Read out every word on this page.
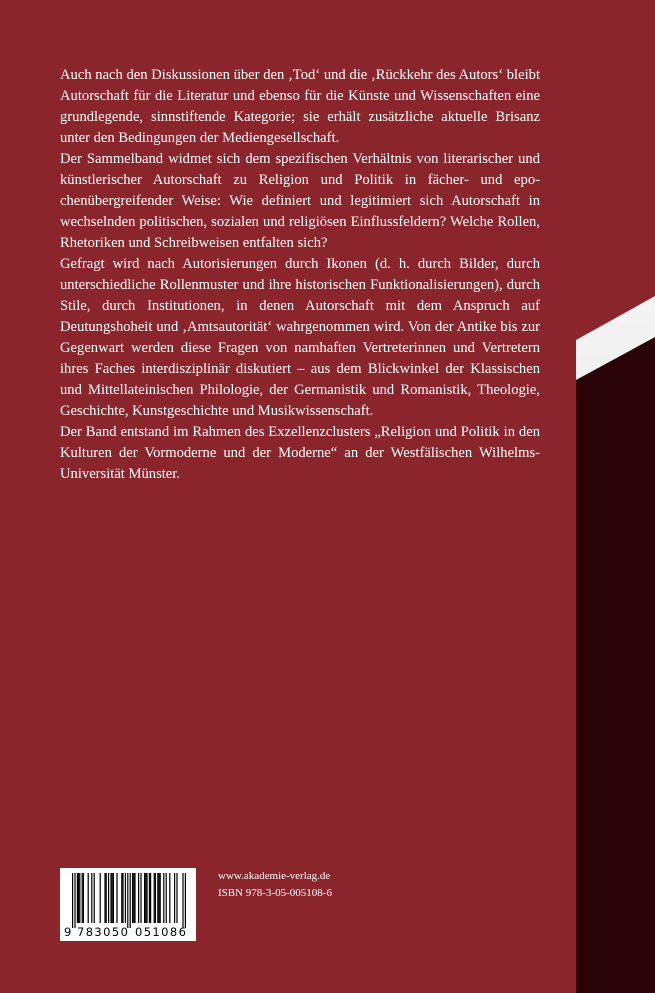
Auch nach den Diskussionen über den ‚Tod‘ und die ‚Rückkehr des Autors‘ bleibt Autorschaft für die Literatur und ebenso für die Künste und Wissenschaften eine grundlegende, sinnstiftende Kategorie; sie erhält zusätzliche aktuelle Brisanz unter den Bedingungen der Mediengesellschaft.

Der Sammelband widmet sich dem spezifischen Verhältnis von literarischer und künstlerischer Autorschaft zu Religion und Politik in fächer- und epochenübergreifender Weise: Wie definiert und legitimiert sich Autorschaft in wechselnden politischen, sozialen und religiösen Einflussfeldern? Welche Rollen, Rhetoriken und Schreibweisen entfalten sich?

Gefragt wird nach Autorisierungen durch Ikonen (d. h. durch Bilder, durch unterschiedliche Rollenmuster und ihre historischen Funktionalisierungen), durch Stile, durch Institutionen, in denen Autorschaft mit dem Anspruch auf Deutungshoheit und ‚Amtsautorität‘ wahrgenommen wird. Von der Antike bis zur Gegenwart werden diese Fragen von namhaften Vertreterinnen und Vertretern ihres Faches interdisziplinär diskutiert – aus dem Blickwinkel der Klassischen und Mittellateinischen Philologie, der Germanistik und Romanistik, Theologie, Geschichte, Kunstgeschichte und Musikwissenschaft.

Der Band entstand im Rahmen des Exzellenzclusters „Religion und Politik in den Kulturen der Vormoderne und der Moderne“ an der Westfälischen Wilhelms-Universität Münster.

9 783050 051086
www.akademie-verlag.de
ISBN 978-3-05-005108-6
